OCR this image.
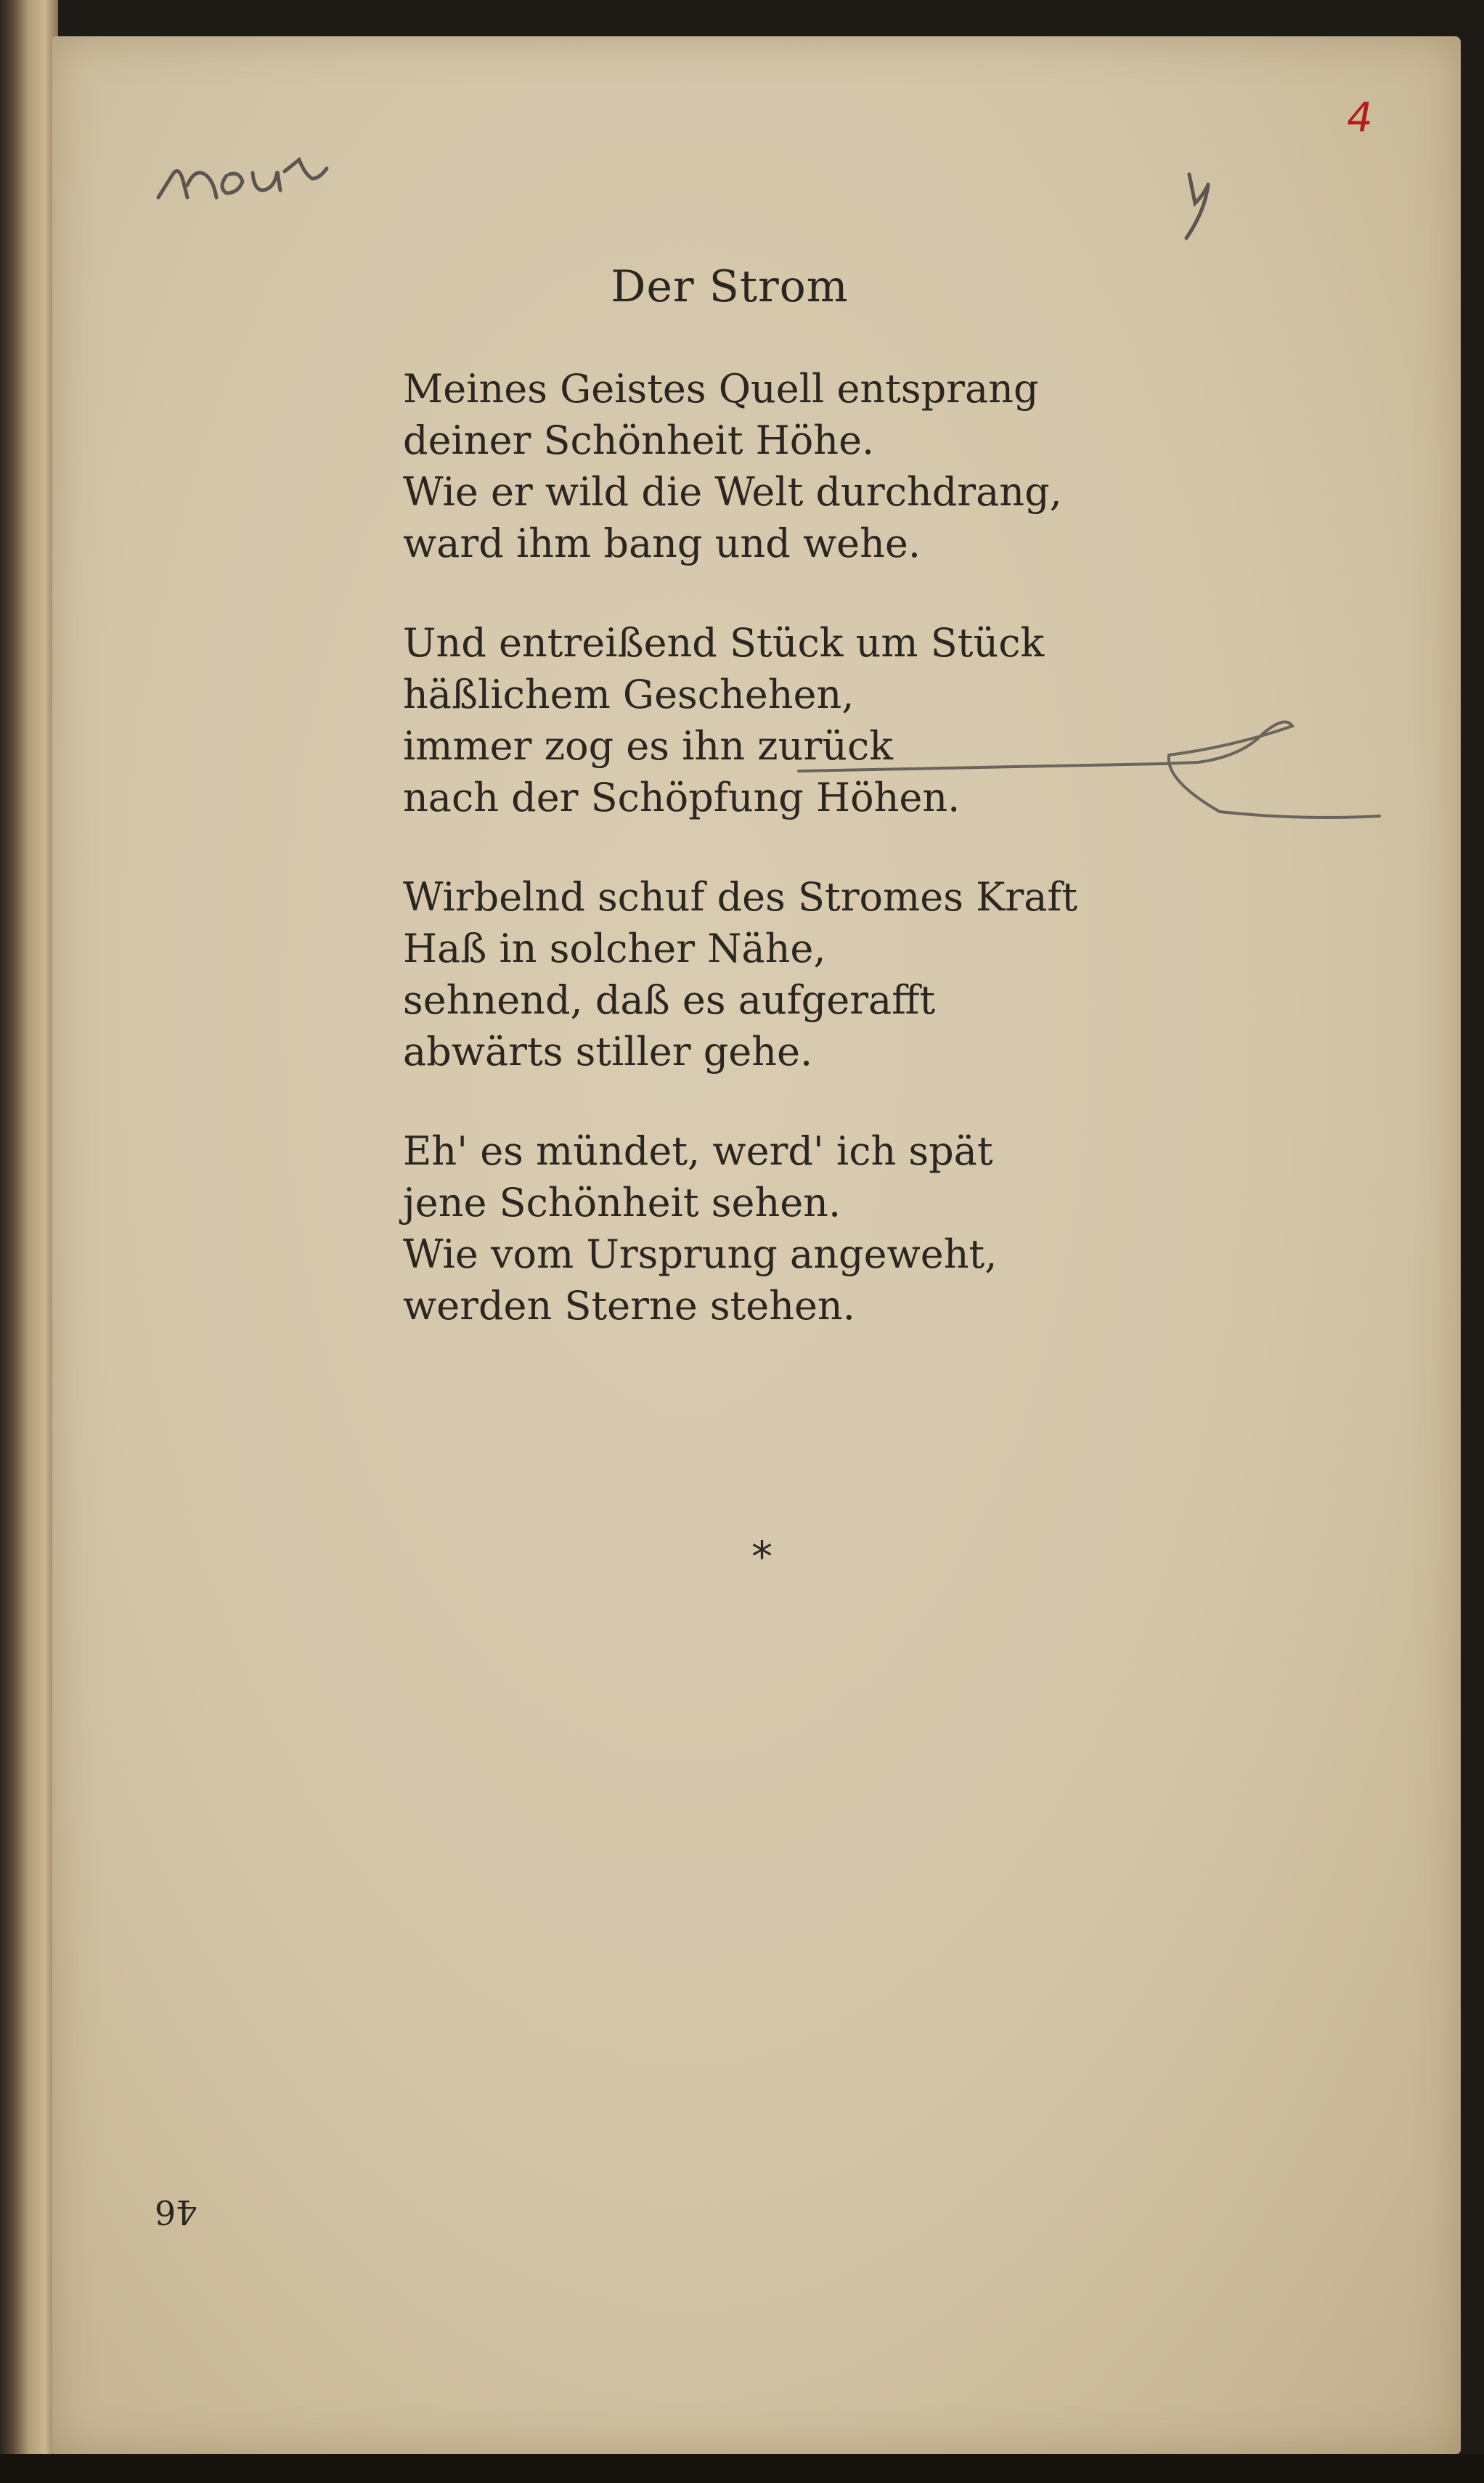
4
Der Strom
Meines Geistes Quell entsprang
deiner Schönheit Höhe.
Wie er wild die Welt durchdrang,
ward ihm bang und wehe.
Und entreißend Stück um Stück
häßlichem Geschehen,
immer zog es ihn zurück
nach der Schöpfung Höhen.
Wirbelnd schuf des Stromes Kraft
Haß in solcher Nähe,
sehnend, daß es aufgerafft
abwärts stiller gehe.
Eh' es mündet, werd' ich spät
jene Schönheit sehen.
Wie vom Ursprung angeweht,
werden Sterne stehen.
*
46
